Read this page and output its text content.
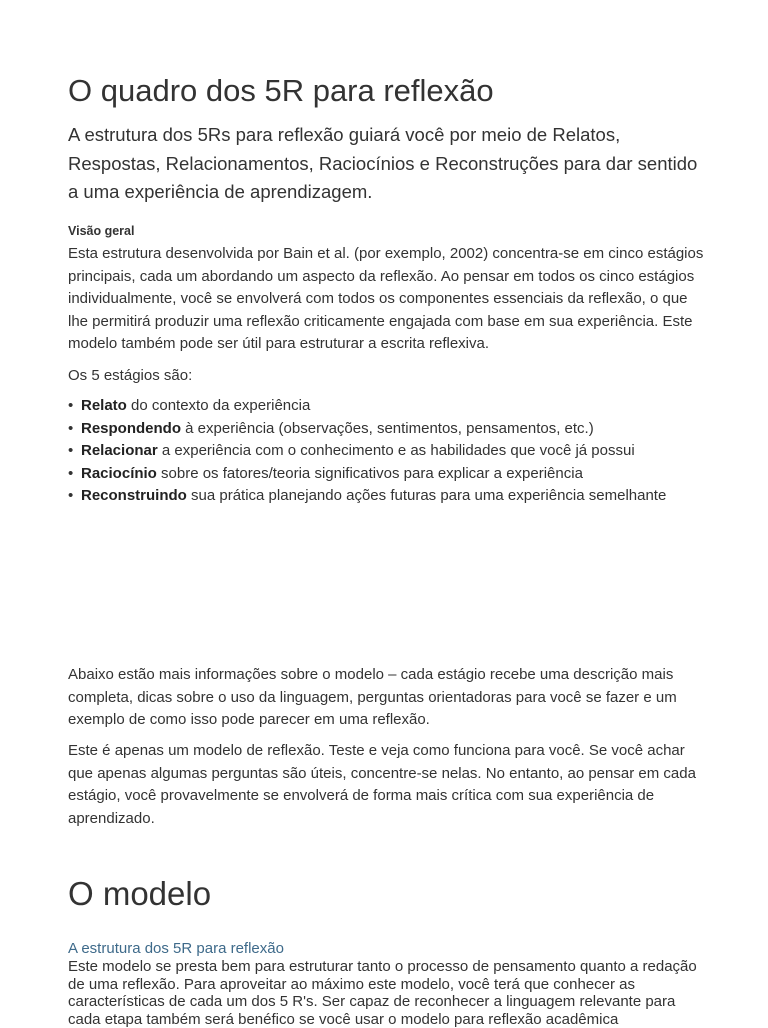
O quadro dos 5R para reflexão

A estrutura dos 5Rs para reflexão guiará você por meio de Relatos, Respostas, Relacionamentos, Raciocínios e Reconstruções para dar sentido a uma experiência de aprendizagem.

Visão geral

Esta estrutura desenvolvida por Bain et al. (por exemplo, 2002) concentra-se em cinco estágios principais, cada um abordando um aspecto da reflexão. Ao pensar em todos os cinco estágios individualmente, você se envolverá com todos os componentes essenciais da reflexão, o que lhe permitirá produzir uma reflexão criticamente engajada com base em sua experiência. Este modelo também pode ser útil para estruturar a escrita reflexiva.

Os 5 estágios são:

• Relato do contexto da experiência
• Respondendo à experiência (observações, sentimentos, pensamentos, etc.)
• Relacionar a experiência com o conhecimento e as habilidades que você já possui
• Raciocínio sobre os fatores/teoria significativos para explicar a experiência
• Reconstruindo sua prática planejando ações futuras para uma experiência semelhante

Abaixo estão mais informações sobre o modelo – cada estágio recebe uma descrição mais completa, dicas sobre o uso da linguagem, perguntas orientadoras para você se fazer e um exemplo de como isso pode parecer em uma reflexão.

Este é apenas um modelo de reflexão. Teste e veja como funciona para você. Se você achar que apenas algumas perguntas são úteis, concentre-se nelas. No entanto, ao pensar em cada estágio, você provavelmente se envolverá de forma mais crítica com sua experiência de aprendizado.

O modelo
A estrutura dos 5R para reflexão

Este modelo se presta bem para estruturar tanto o processo de pensamento quanto a redação de uma reflexão. Para aproveitar ao máximo este modelo, você terá que conhecer as características de cada um dos 5 R's. Ser capaz de reconhecer a linguagem relevante para cada etapa também será benéfico se você usar o modelo para reflexão acadêmica
